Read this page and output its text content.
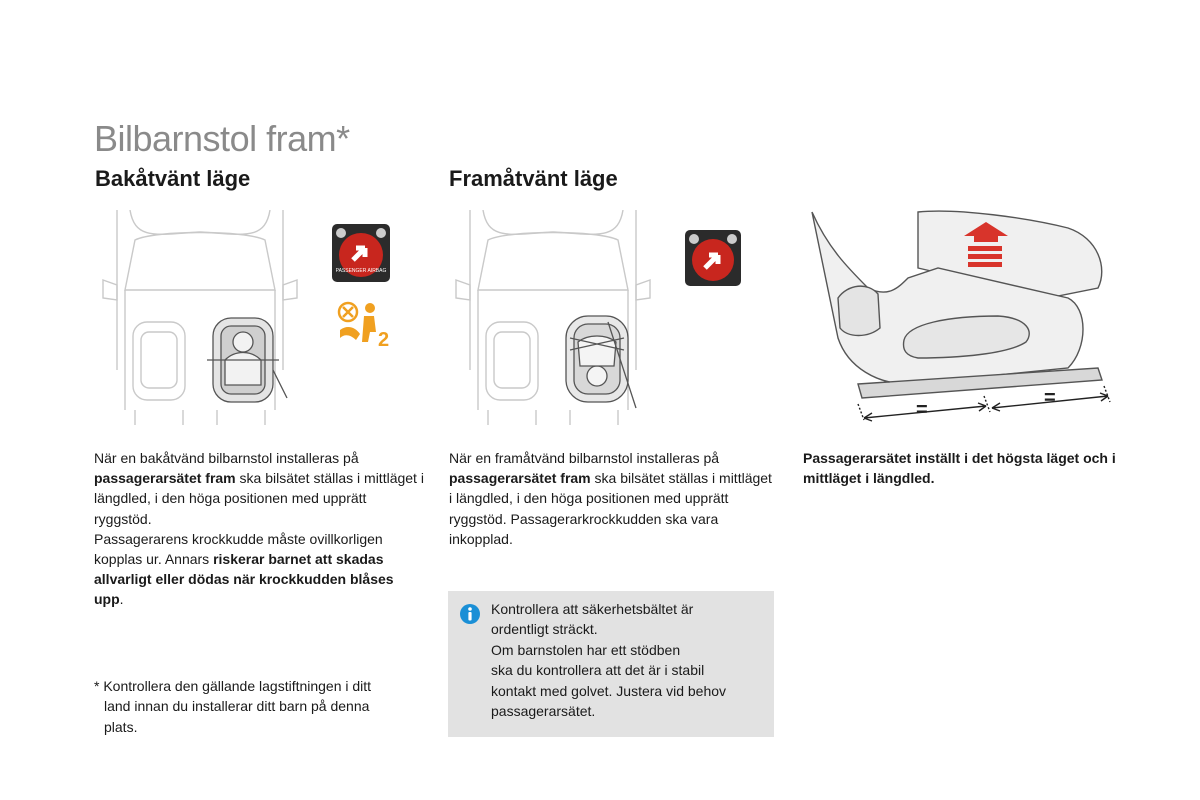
Bilbarnstol fram*
Bakåtvänt läge	Framåtvänt läge
PASSENGER AIRBAG
2
=
=
När en bakåtvänd bilbarnstol installeras på
passagerarsätet fram ska bilsätet ställas i mittläget i längdled, i den höga positionen med upprätt ryggstöd.
Passagerarens krockkudde måste ovillkorligen kopplas ur. Annars riskerar barnet att skadas allvarligt eller dödas när krockkudden blåses upp.
* Kontrollera den gällande lagstiftningen i ditt
land innan du installerar ditt barn på denna
plats.
När en framåtvänd bilbarnstol installeras på
passagerarsätet fram ska bilsätet ställas i mittläget i längdled, i den höga positionen med upprätt ryggstöd. Passagerarkrockkudden ska vara inkopplad.
Kontrollera att säkerhetsbältet är
ordentligt sträckt.
Om barnstolen har ett stödben
ska du kontrollera att det är i stabil
kontakt med golvet. Justera vid behov
passagerarsätet.
Passagerarsätet inställt i det högsta läget och i mittläget i längdled.
